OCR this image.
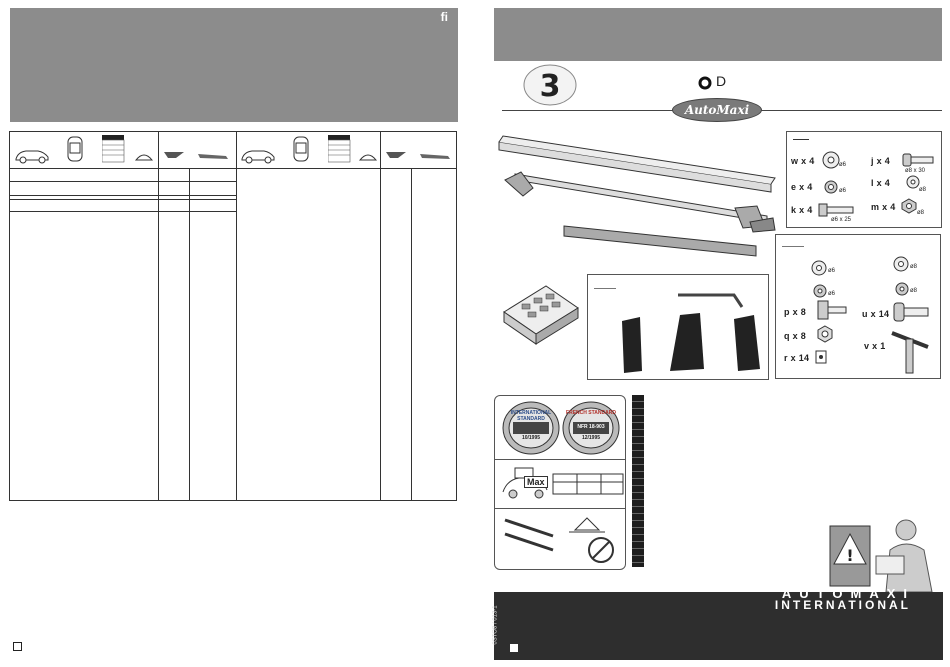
fi
3	D
AutoMaxi
w x 4
e x 4
k x 4
j x 4
l x 4
m x 4
ø6
ø6
ø6 x 25
ø8 x 30
ø8
ø8
ø6
ø8
ø6	ø8
p x 8
q x 8
r x 14
u x 14
v x 1
INTERNATIONAL STANDARD
10/1995
FRENCH STANDARD
NFR 18-903
12/1995
Max
!
AUTOMAXI
INTERNATIONAL
0STO8 / 013-1
